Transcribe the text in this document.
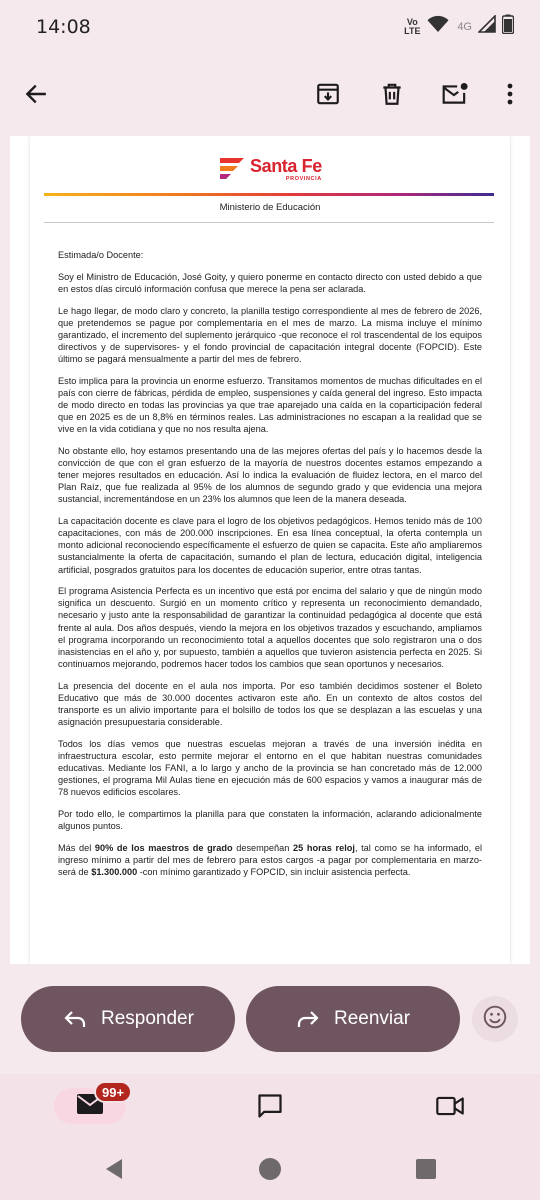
14:08	Vo
LTE	4G
Santa Fe
PROVINCIA
Ministerio de Educación

Estimada/o Docente:

Soy el Ministro de Educación, José Goity, y quiero ponerme en contacto directo con usted debido a que en estos días circuló información confusa que merece la pena ser aclarada.

Le hago llegar, de modo claro y concreto, la planilla testigo correspondiente al mes de febrero de 2026, que pretendemos se pague por complementaria en el mes de marzo. La misma incluye el mínimo garantizado, el incremento del suplemento jerárquico -que reconoce el rol trascendental de los equipos directivos y de supervisores- y el fondo provincial de capacitación integral docente (FOPCID). Este último se pagará mensualmente a partir del mes de febrero.

Esto implica para la provincia un enorme esfuerzo. Transitamos momentos de muchas dificultades en el país con cierre de fábricas, pérdida de empleo, suspensiones y caída general del ingreso. Esto impacta de modo directo en todas las provincias ya que trae aparejado una caída en la coparticipación federal que en 2025 es de un 8,8% en términos reales. Las administraciones no escapan a la realidad que se vive en la vida cotidiana y que no nos resulta ajena.

No obstante ello, hoy estamos presentando una de las mejores ofertas del país y lo hacemos desde la convicción de que con el gran esfuerzo de la mayoría de nuestros docentes estamos empezando a tener mejores resultados en educación. Así lo indica la evaluación de fluidez lectora, en el marco del Plan Raíz, que fue realizada al 95% de los alumnos de segundo grado y que evidencia una mejora sustancial, incrementándose en un 23% los alumnos que leen de la manera deseada.

La capacitación docente es clave para el logro de los objetivos pedagógicos. Hemos tenido más de 100 capacitaciones, con más de 200.000 inscripciones. En esa línea conceptual, la oferta contempla un monto adicional reconociendo específicamente el esfuerzo de quien se capacita. Este año ampliaremos sustancialmente la oferta de capacitación, sumando el plan de lectura, educación digital, inteligencia artificial, posgrados gratuitos para los docentes de educación superior, entre otras tantas.

El programa Asistencia Perfecta es un incentivo que está por encima del salario y que de ningún modo significa un descuento. Surgió en un momento crítico y representa un reconocimiento demandado, necesario y justo ante la responsabilidad de garantizar la continuidad pedagógica al docente que está frente al aula. Dos años después, viendo la mejora en los objetivos trazados y escuchando, ampliamos el programa incorporando un reconocimiento total a aquellos docentes que solo registraron una o dos inasistencias en el año y, por supuesto, también a aquellos que tuvieron asistencia perfecta en 2025. Si continuamos mejorando, podremos hacer todos los cambios que sean oportunos y necesarios.

La presencia del docente en el aula nos importa. Por eso también decidimos sostener el Boleto Educativo que más de 30.000 docentes activaron este año. En un contexto de altos costos del transporte es un alivio importante para el bolsillo de todos los que se desplazan a las escuelas y una asignación presupuestaria considerable.

Todos los días vemos que nuestras escuelas mejoran a través de una inversión inédita en infraestructura escolar, esto permite mejorar el entorno en el que habitan nuestras comunidades educativas. Mediante los FANI, a lo largo y ancho de la provincia se han concretado más de 12.000 gestiones, el programa Mil Aulas tiene en ejecución más de 600 espacios y vamos a inaugurar más de 78 nuevos edificios escolares.

Por todo ello, le compartimos la planilla para que constaten la información, aclarando adicionalmente algunos puntos.

Más del 90% de los maestros de grado desempeñan 25 horas reloj, tal como se ha informado, el ingreso mínimo a partir del mes de febrero para estos cargos -a pagar por complementaria en marzo- será de $1.300.000 -con mínimo garantizado y FOPCID, sin incluir asistencia perfecta.

Responder	Reenviar
99+
